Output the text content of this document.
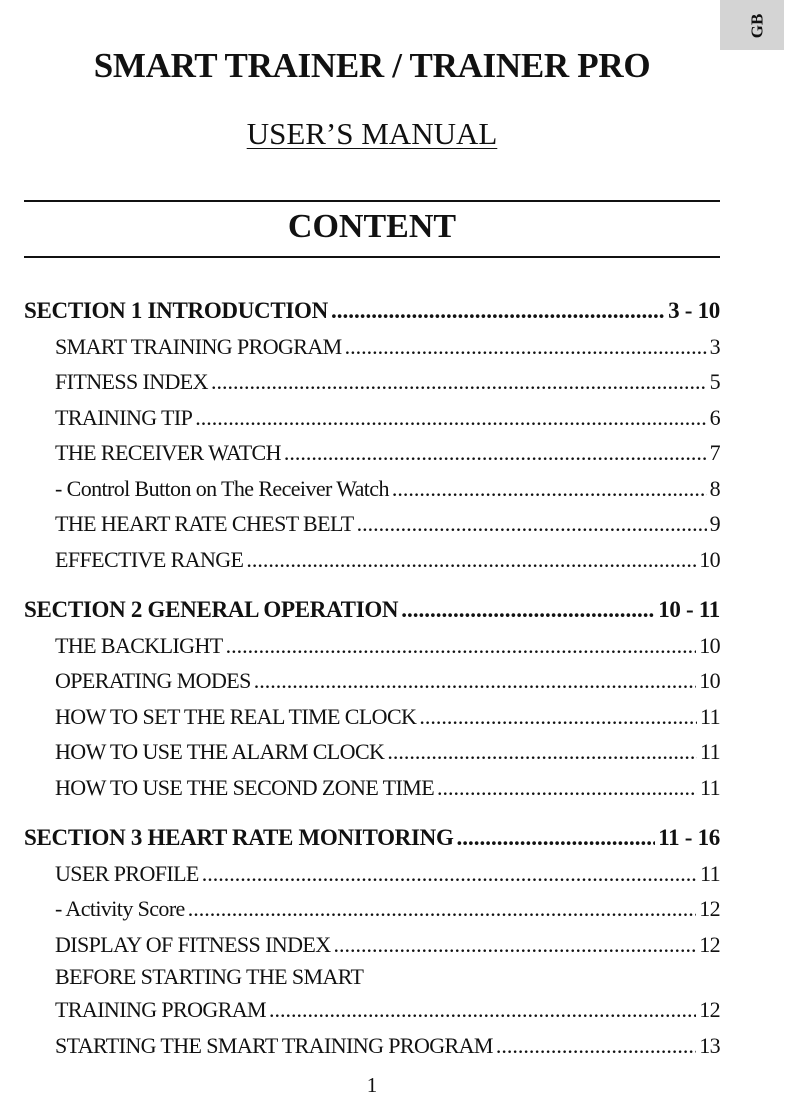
GB
SMART TRAINER / TRAINER PRO
USER’S MANUAL
CONTENT
SECTION 1 INTRODUCTION .....	3 - 10
SMART TRAINING PROGRAM .....	3
FITNESS INDEX .....	5
TRAINING TIP .....	6
THE RECEIVER WATCH .....	7
- Control Button on The Receiver Watch .....	8
THE HEART RATE CHEST BELT .....	9
EFFECTIVE RANGE .....	10
SECTION 2 GENERAL OPERATION .....	10 - 11
THE BACKLIGHT .....	10
OPERATING MODES .....	10
HOW TO SET THE REAL TIME CLOCK .....	11
HOW TO USE THE ALARM CLOCK .....	11
HOW TO USE THE SECOND ZONE TIME .....	11
SECTION 3 HEART RATE MONITORING .....	11 - 16
USER PROFILE .....	11
- Activity Score .....	12
DISPLAY OF FITNESS INDEX .....	12
BEFORE STARTING THE SMART
TRAINING PROGRAM .....	12
STARTING THE SMART TRAINING PROGRAM .....	13
1
